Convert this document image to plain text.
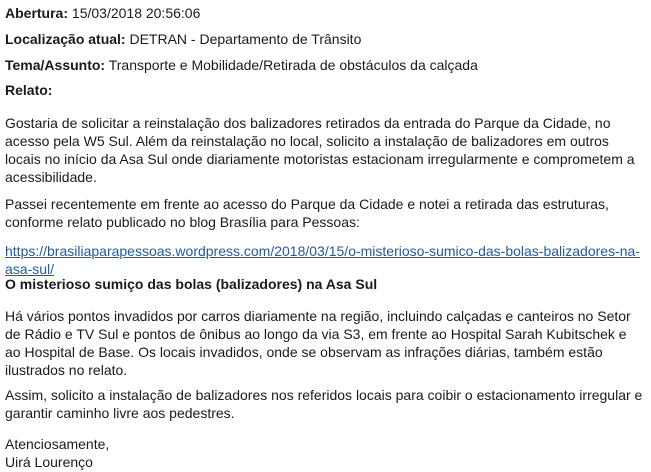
Abertura: 15/03/2018 20:56:06
Localização atual: DETRAN - Departamento de Trânsito
Tema/Assunto: Transporte e Mobilidade/Retirada de obstáculos da calçada
Relato:

Gostaria de solicitar a reinstalação dos balizadores retirados da entrada do Parque da Cidade, no acesso pela W5 Sul. Além da reinstalação no local, solicito a instalação de balizadores em outros locais no início da Asa Sul onde diariamente motoristas estacionam irregularmente e comprometem a acessibilidade.

Passei recentemente em frente ao acesso do Parque da Cidade e notei a retirada das estruturas, conforme relato publicado no blog Brasília para Pessoas:

https://brasiliaparapessoas.wordpress.com/2018/03/15/o-misterioso-sumico-das-bolas-balizadores-na-asa-sul/

O misterioso sumiço das bolas (balizadores) na Asa Sul

Há vários pontos invadidos por carros diariamente na região, incluindo calçadas e canteiros no Setor de Rádio e TV Sul e pontos de ônibus ao longo da via S3, em frente ao Hospital Sarah Kubitschek e ao Hospital de Base. Os locais invadidos, onde se observam as infrações diárias, também estão ilustrados no relato.

Assim, solicito a instalação de balizadores nos referidos locais para coibir o estacionamento irregular e garantir caminho livre aos pedestres.

Atenciosamente,

Uirá Lourenço
